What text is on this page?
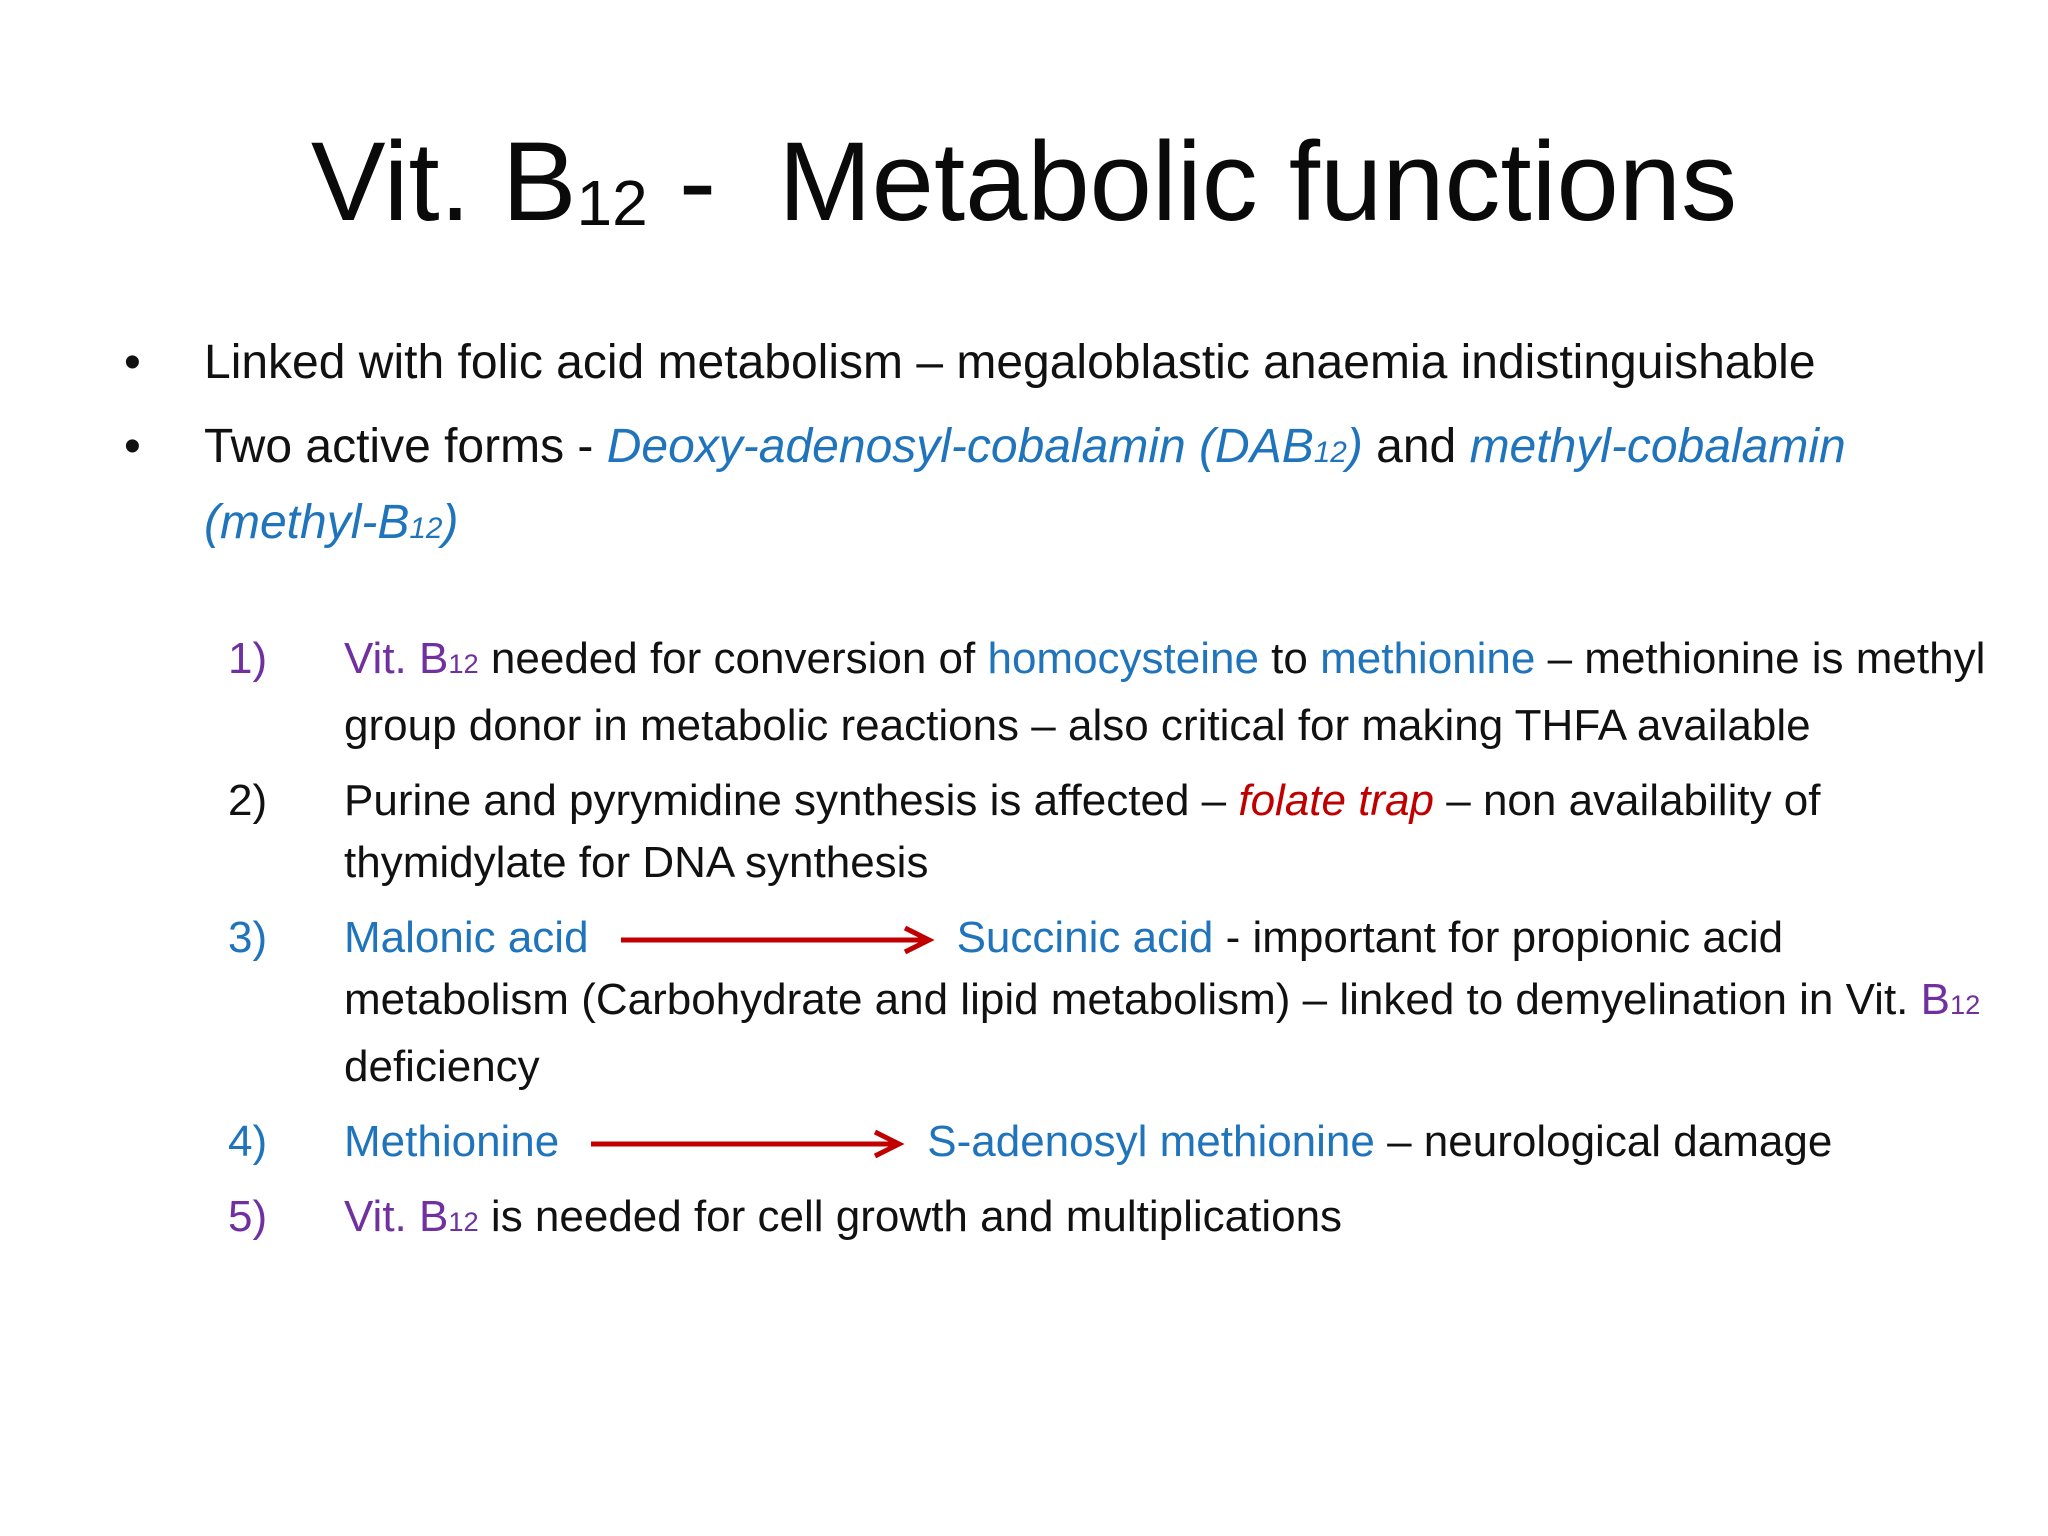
Vit. B12 -  Metabolic functions
• Linked with folic acid metabolism – megaloblastic anaemia indistinguishable
• Two active forms - Deoxy-adenosyl-cobalamin (DAB12) and methyl-cobalamin (methyl-B12)
1) Vit. B12 needed for conversion of homocysteine to methionine – methionine is methyl group donor in metabolic reactions – also critical for making THFA available
2) Purine and pyrymidine synthesis is affected – folate trap – non availability of thymidylate for DNA synthesis
3) Malonic acid	Succinic acid - important for propionic acid metabolism (Carbohydrate and lipid metabolism) – linked to demyelination in Vit. B12 deficiency
4) Methionine	S-adenosyl methionine – neurological damage
5) Vit. B12 is needed for cell growth and multiplications
